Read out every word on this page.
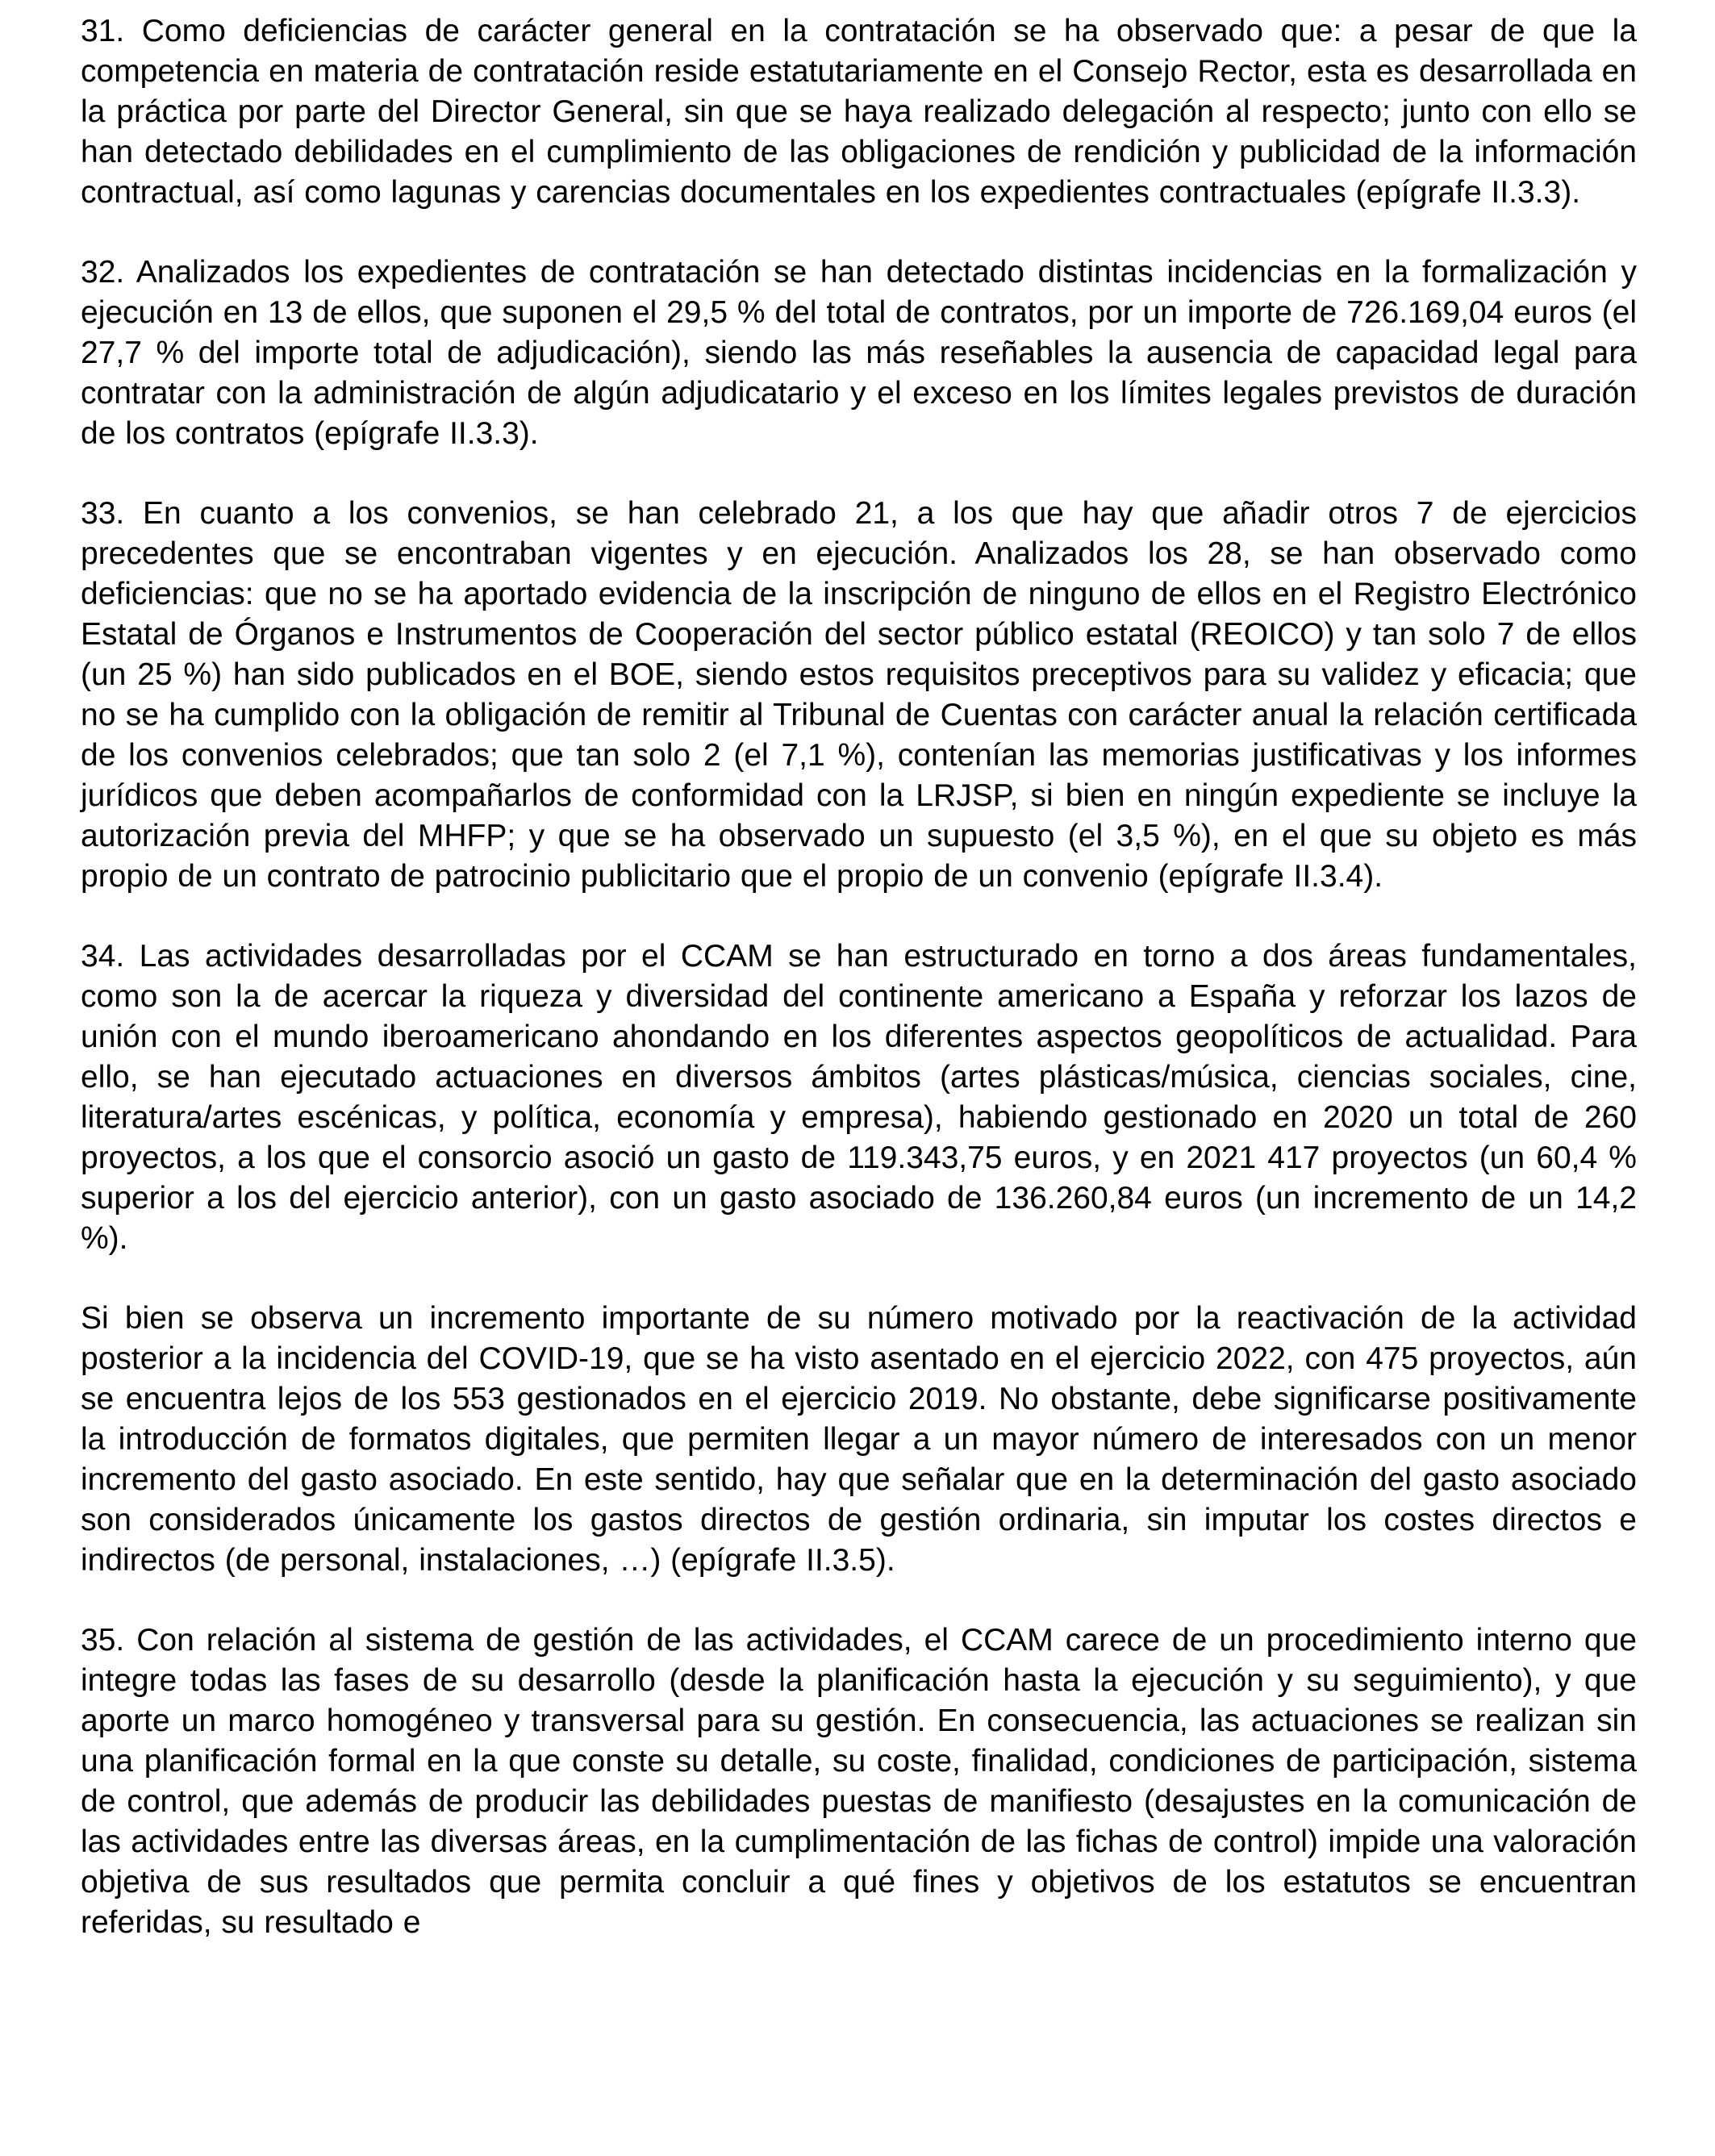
31. Como deficiencias de carácter general en la contratación se ha observado que: a pesar de que la competencia en materia de contratación reside estatutariamente en el Consejo Rector, esta es desarrollada en la práctica por parte del Director General, sin que se haya realizado delegación al respecto; junto con ello se han detectado debilidades en el cumplimiento de las obligaciones de rendición y publicidad de la información contractual, así como lagunas y carencias documentales en los expedientes contractuales (epígrafe II.3.3).

32. Analizados los expedientes de contratación se han detectado distintas incidencias en la formalización y ejecución en 13 de ellos, que suponen el 29,5 % del total de contratos, por un importe de 726.169,04 euros (el 27,7 % del importe total de adjudicación), siendo las más reseñables la ausencia de capacidad legal para contratar con la administración de algún adjudicatario y el exceso en los límites legales previstos de duración de los contratos (epígrafe II.3.3).

33. En cuanto a los convenios, se han celebrado 21, a los que hay que añadir otros 7 de ejercicios precedentes que se encontraban vigentes y en ejecución. Analizados los 28, se han observado como deficiencias: que no se ha aportado evidencia de la inscripción de ninguno de ellos en el Registro Electrónico Estatal de Órganos e Instrumentos de Cooperación del sector público estatal (REOICO) y tan solo 7 de ellos (un 25 %) han sido publicados en el BOE, siendo estos requisitos preceptivos para su validez y eficacia; que no se ha cumplido con la obligación de remitir al Tribunal de Cuentas con carácter anual la relación certificada de los convenios celebrados; que tan solo 2 (el 7,1 %), contenían las memorias justificativas y los informes jurídicos que deben acompañarlos de conformidad con la LRJSP, si bien en ningún expediente se incluye la autorización previa del MHFP; y que se ha observado un supuesto (el 3,5 %), en el que su objeto es más propio de un contrato de patrocinio publicitario que el propio de un convenio (epígrafe II.3.4).

34. Las actividades desarrolladas por el CCAM se han estructurado en torno a dos áreas fundamentales, como son la de acercar la riqueza y diversidad del continente americano a España y reforzar los lazos de unión con el mundo iberoamericano ahondando en los diferentes aspectos geopolíticos de actualidad. Para ello, se han ejecutado actuaciones en diversos ámbitos (artes plásticas/música, ciencias sociales, cine, literatura/artes escénicas, y política, economía y empresa), habiendo gestionado en 2020 un total de 260 proyectos, a los que el consorcio asoció un gasto de 119.343,75 euros, y en 2021 417 proyectos (un 60,4 % superior a los del ejercicio anterior), con un gasto asociado de 136.260,84 euros (un incremento de un 14,2 %).

Si bien se observa un incremento importante de su número motivado por la reactivación de la actividad posterior a la incidencia del COVID-19, que se ha visto asentado en el ejercicio 2022, con 475 proyectos, aún se encuentra lejos de los 553 gestionados en el ejercicio 2019. No obstante, debe significarse positivamente la introducción de formatos digitales, que permiten llegar a un mayor número de interesados con un menor incremento del gasto asociado. En este sentido, hay que señalar que en la determinación del gasto asociado son considerados únicamente los gastos directos de gestión ordinaria, sin imputar los costes directos e indirectos (de personal, instalaciones, …) (epígrafe II.3.5).

35. Con relación al sistema de gestión de las actividades, el CCAM carece de un procedimiento interno que integre todas las fases de su desarrollo (desde la planificación hasta la ejecución y su seguimiento), y que aporte un marco homogéneo y transversal para su gestión. En consecuencia, las actuaciones se realizan sin una planificación formal en la que conste su detalle, su coste, finalidad, condiciones de participación, sistema de control, que además de producir las debilidades puestas de manifiesto (desajustes en la comunicación de las actividades entre las diversas áreas, en la cumplimentación de las fichas de control) impide una valoración objetiva de sus resultados que permita concluir a qué fines y objetivos de los estatutos se encuentran referidas, su resultado e
